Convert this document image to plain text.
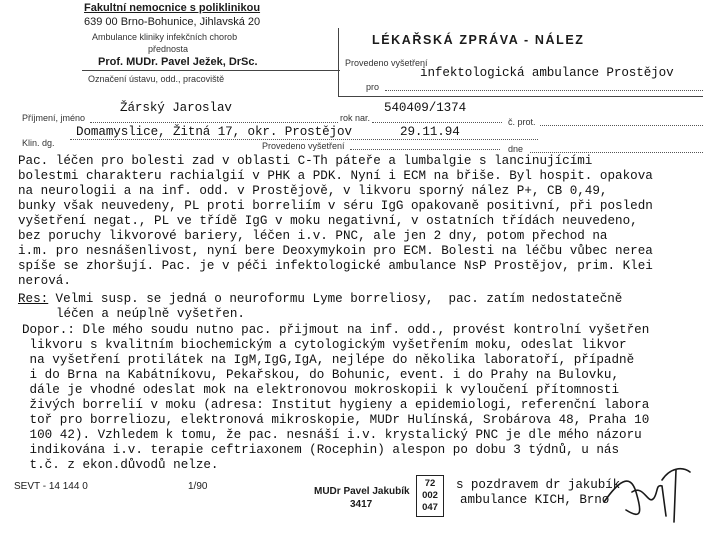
Fakultní nemocnice s poliklinikou
639 00 Brno-Bohunice, Jihlavská 20
Ambulance kliniky infekčních chorob
přednosta
Prof. MUDr. Pavel Ježek, DrSc.
Označení ústavu, odd., pracoviště
LÉKAŘSKÁ ZPRÁVA - NÁLEZ
Provedeno vyšetření
pro
infektologická ambulance Prostějov
Příjmení, jméno
Žárský Jaroslav
rok nar.
540409/1374
č. prot.
Domamyslice, Žitná 17, okr. Prostějov	29.11.94
Klin. dg.	Provedeno vyšetření	dne
Pac. léčen pro bolesti zad v oblasti C-Th páteře a lumbalgie s lancinujícími
bolestmi charakteru rachialgií v PHK a PDK. Nyní i ECM na břiše. Byl hospit. opakova
na neurologii a na inf. odd. v Prostějově, v likvoru sporný nález P+, CB 0,49,
bunky však neuvedeny, PL proti borreliím v séru IgG opakovaně positivní, při posledn
vyšetření negat., PL ve třídě IgG v moku negativní, v ostatních třídách neuvedeno,
bez poruchy likvorové bariery, léčen i.v. PNC, ale jen 2 dny, potom přechod na
i.m. pro nesnášenlivost, nyní bere Deoxymykoin pro ECM. Bolesti na léčbu vůbec nerea
spíše se zhoršují. Pac. je v péči infektologické ambulance NsP Prostějov, prim. Klei
nerová.
Res: Velmi susp. se jedná o neuroformu Lyme borreliosy,  pac. zatím nedostatečně
léčen a neúplně vyšetřen.
Dopor.: Dle mého soudu nutno pac. přijmout na inf. odd., provést kontrolní vyšetřen
likvoru s kvalitním biochemickým a cytologickým vyšetřením moku, odeslat likvor
na vyšetření protilátek na IgM,IgG,IgA, nejlépe do několika laboratoří, případně
i do Brna na Kabátníkovu, Pekařskou, do Bohunic, event. i do Prahy na Bulovku,
dále je vhodné odeslat mok na elektronovou mokroskopii k vyloučení přítomnosti
živých borrelií v moku (adresa: Institut hygieny a epidemiologi, referenční labora
toř pro borreliozu, elektronová mikroskopie, MUDr Hulínská, Srobárova 48, Praha 10
100 42). Vzhledem k tomu, že pac. nesnáší i.v. krystalický PNC je dle mého názoru
indikována i.v. terapie ceftriaxonem (Rocephin) alespon po dobu 3 týdnů, u nás
t.č. z ekon.důvodů nelze.
SEVT - 14 144 0	1/90	MUDr Pavel Jakubík
3417
72
002
047
s pozdravem dr jakubík
ambulance KICH, Brno
